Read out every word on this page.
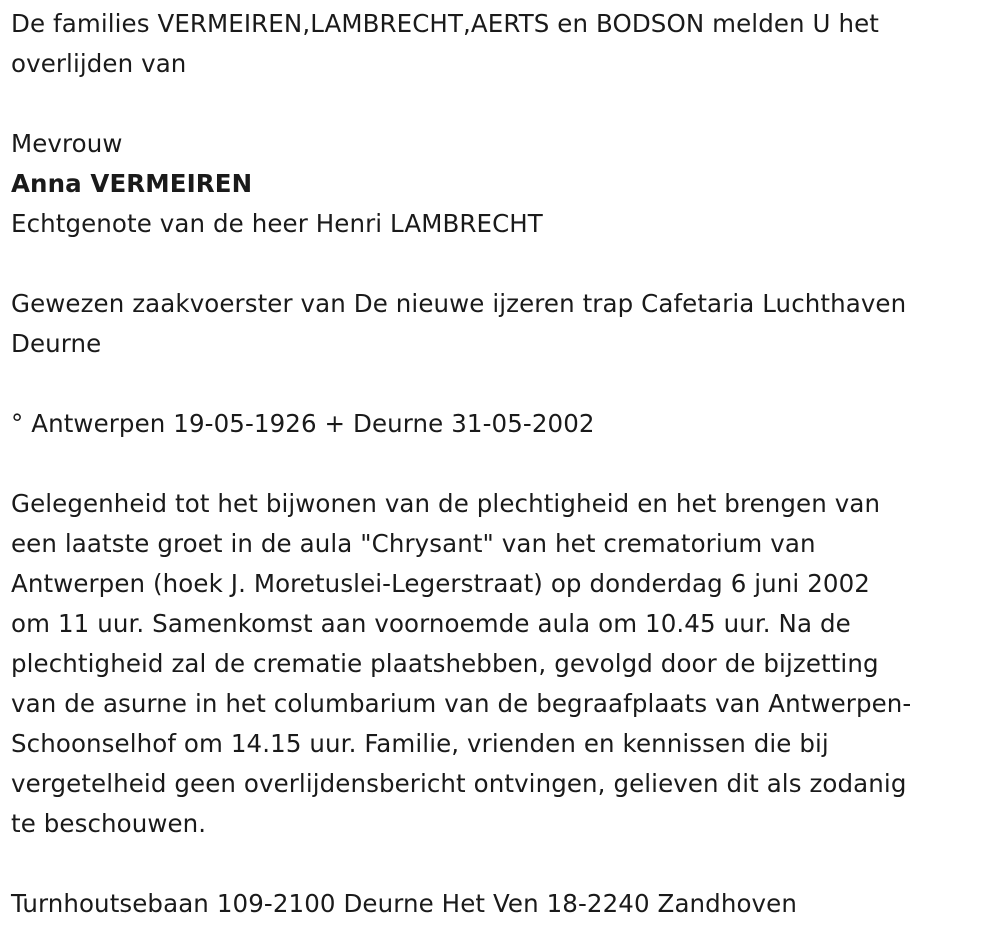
De families VERMEIREN,LAMBRECHT,AERTS en BODSON melden U het

overlijden van

Mevrouw

Anna VERMEIREN

Echtgenote van de heer Henri LAMBRECHT

Gewezen zaakvoerster van De nieuwe ijzeren trap Cafetaria Luchthaven

Deurne

° Antwerpen 19-05-1926 + Deurne 31-05-2002

Gelegenheid tot het bijwonen van de plechtigheid en het brengen van

een laatste groet in de aula "Chrysant" van het crematorium van

Antwerpen (hoek J. Moretuslei-Legerstraat) op donderdag 6 juni 2002

om 11 uur. Samenkomst aan voornoemde aula om 10.45 uur. Na de

plechtigheid zal de crematie plaatshebben, gevolgd door de bijzetting

van de asurne in het columbarium van de begraafplaats van Antwerpen-

Schoonselhof om 14.15 uur. Familie, vrienden en kennissen die bij

vergetelheid geen overlijdensbericht ontvingen, gelieven dit als zodanig

te beschouwen.

Turnhoutsebaan 109-2100 Deurne Het Ven 18-2240 Zandhoven
